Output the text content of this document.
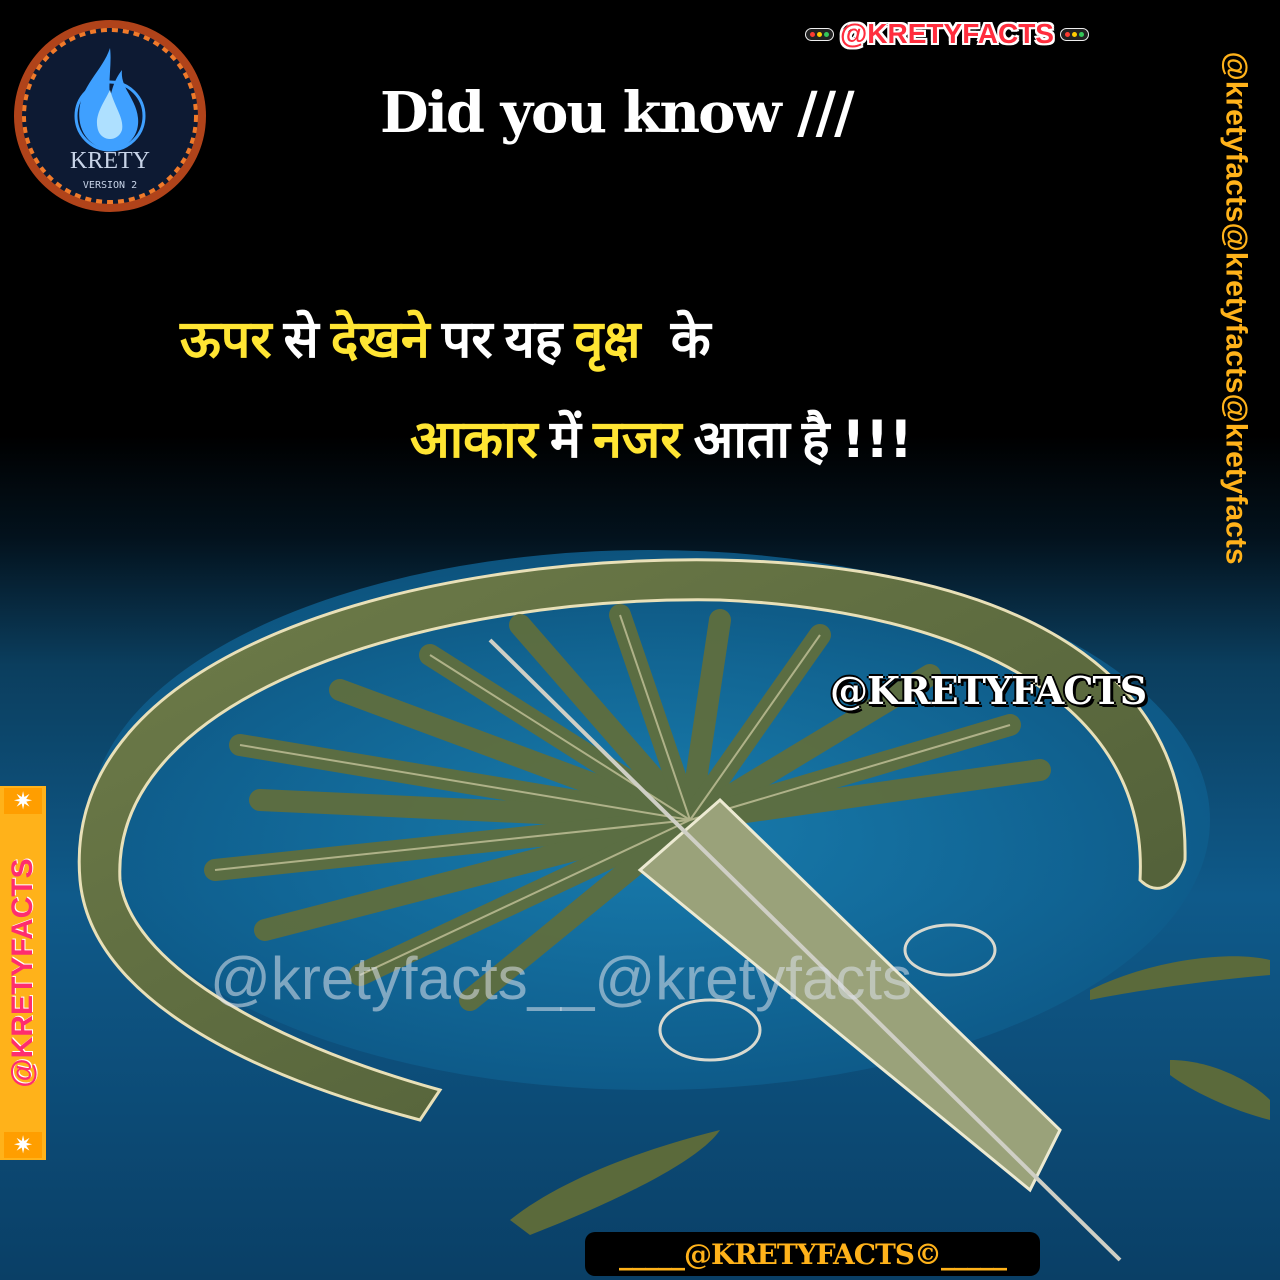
KRETY
VERSION 2
@KRETYFACTS
Did you know ///
ऊपर से देखने पर यह वृक्ष के
आकार में नजर आता है !!!	@kretyfacts@kretyfacts@kretyfacts
✷
@KRETYFACTS
✷
@KRETYFACTS
@kretyfacts__@kretyfacts
_____@KRETYFACTS©_____
